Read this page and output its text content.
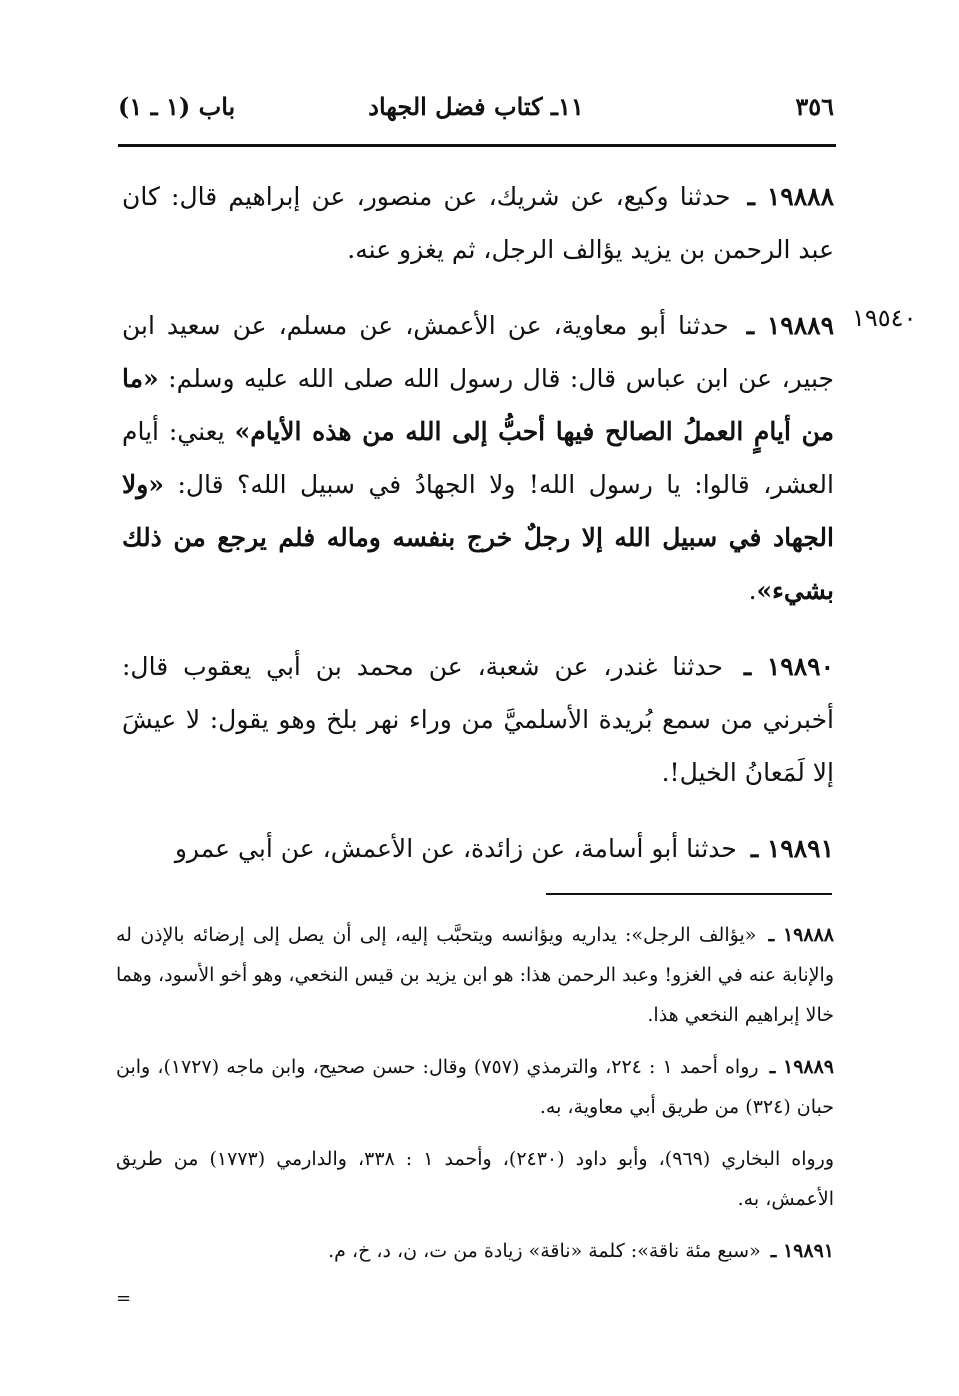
٣٥٦
١١ـ كتاب فضل الجهاد
باب (١ ـ ١)
١٩٥٤٠

١٩٨٨٨ ـ حدثنا وكيع، عن شريك، عن منصور، عن إبراهيم قال: كان عبد الرحمن بن يزيد يؤالف الرجل، ثم يغزو عنه.

١٩٨٨٩ ـ حدثنا أبو معاوية، عن الأعمش، عن مسلم، عن سعيد ابن جبير، عن ابن عباس قال: قال رسول الله صلى الله عليه وسلم: «ما من أيامٍ العملُ الصالح فيها أحبُّ إلى الله من هذه الأيام» يعني: أيام العشر، قالوا: يا رسول الله! ولا الجهادُ في سبيل الله؟ قال: «ولا الجهاد في سبيل الله إلا رجلٌ خرج بنفسه وماله فلم يرجع من ذلك بشيء».

١٩٨٩٠ ـ حدثنا غندر، عن شعبة، عن محمد بن أبي يعقوب قال: أخبرني من سمع بُريدة الأسلميَّ من وراء نهر بلخ وهو يقول: لا عيشَ إلا لَمَعانُ الخيل!.

١٩٨٩١ ـ حدثنا أبو أسامة، عن زائدة، عن الأعمش، عن أبي عمرو

١٩٨٨٨ ـ «يؤالف الرجل»: يداريه ويؤانسه ويتحبَّب إليه، إلى أن يصل إلى إرضائه بالإذن له والإنابة عنه في الغزو! وعبد الرحمن هذا: هو ابن يزيد بن قيس النخعي، وهو أخو الأسود، وهما خالا إبراهيم النخعي هذا.

١٩٨٨٩ ـ رواه أحمد ١ : ٢٢٤، والترمذي (٧٥٧) وقال: حسن صحيح، وابن ماجه (١٧٢٧)، وابن حبان (٣٢٤) من طريق أبي معاوية، به.

ورواه البخاري (٩٦٩)، وأبو داود (٢٤٣٠)، وأحمد ١ : ٣٣٨، والدارمي (١٧٧٣) من طريق الأعمش، به.

١٩٨٩١ ـ «سبع مئة ناقة»: كلمة «ناقة» زيادة من ت، ن، د، خ، م.

=
